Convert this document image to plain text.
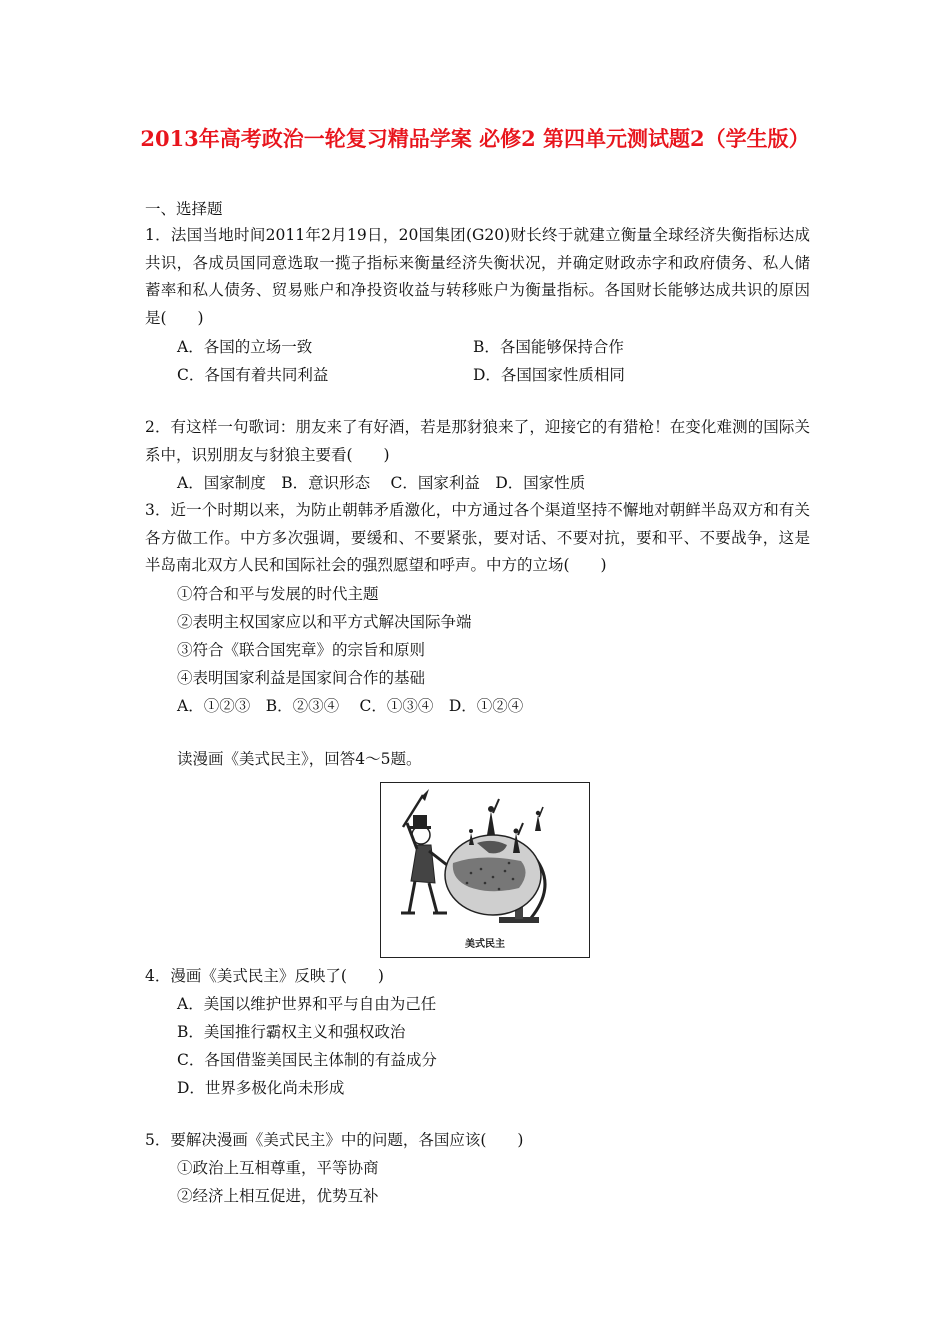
2013年高考政治一轮复习精品学案 必修2 第四单元测试题2（学生版）
一、选择题
1．法国当地时间2011年2月19日，20国集团(G20)财长终于就建立衡量全球经济失衡指标达成共识，各成员国同意选取一揽子指标来衡量经济失衡状况，并确定财政赤字和政府债务、私人储蓄率和私人债务、贸易账户和净投资收益与转移账户为衡量指标。各国财长能够达成共识的原因是(　　)
A．各国的立场一致	B．各国能够保持合作
C．各国有着共同利益	D．各国国家性质相同
2．有这样一句歌词：朋友来了有好酒，若是那豺狼来了，迎接它的有猎枪！在变化难测的国际关系中，识别朋友与豺狼主要看(　　)
A．国家制度　B．意识形态　 C．国家利益　D．国家性质
3．近一个时期以来，为防止朝韩矛盾激化，中方通过各个渠道坚持不懈地对朝鲜半岛双方和有关各方做工作。中方多次强调，要缓和、不要紧张，要对话、不要对抗，要和平、不要战争，这是半岛南北双方人民和国际社会的强烈愿望和呼声。中方的立场(　　)
①符合和平与发展的时代主题
②表明主权国家应以和平方式解决国际争端
③符合《联合国宪章》的宗旨和原则
④表明国家利益是国家间合作的基础
A．①②③　B．②③④　 C．①③④　D．①②④
读漫画《美式民主》，回答4～5题。
美式民主
4．漫画《美式民主》反映了(　　)
A．美国以维护世界和平与自由为己任
B．美国推行霸权主义和强权政治
C．各国借鉴美国民主体制的有益成分
D．世界多极化尚未形成
5．要解决漫画《美式民主》中的问题，各国应该(　　)
①政治上互相尊重，平等协商
②经济上相互促进，优势互补
